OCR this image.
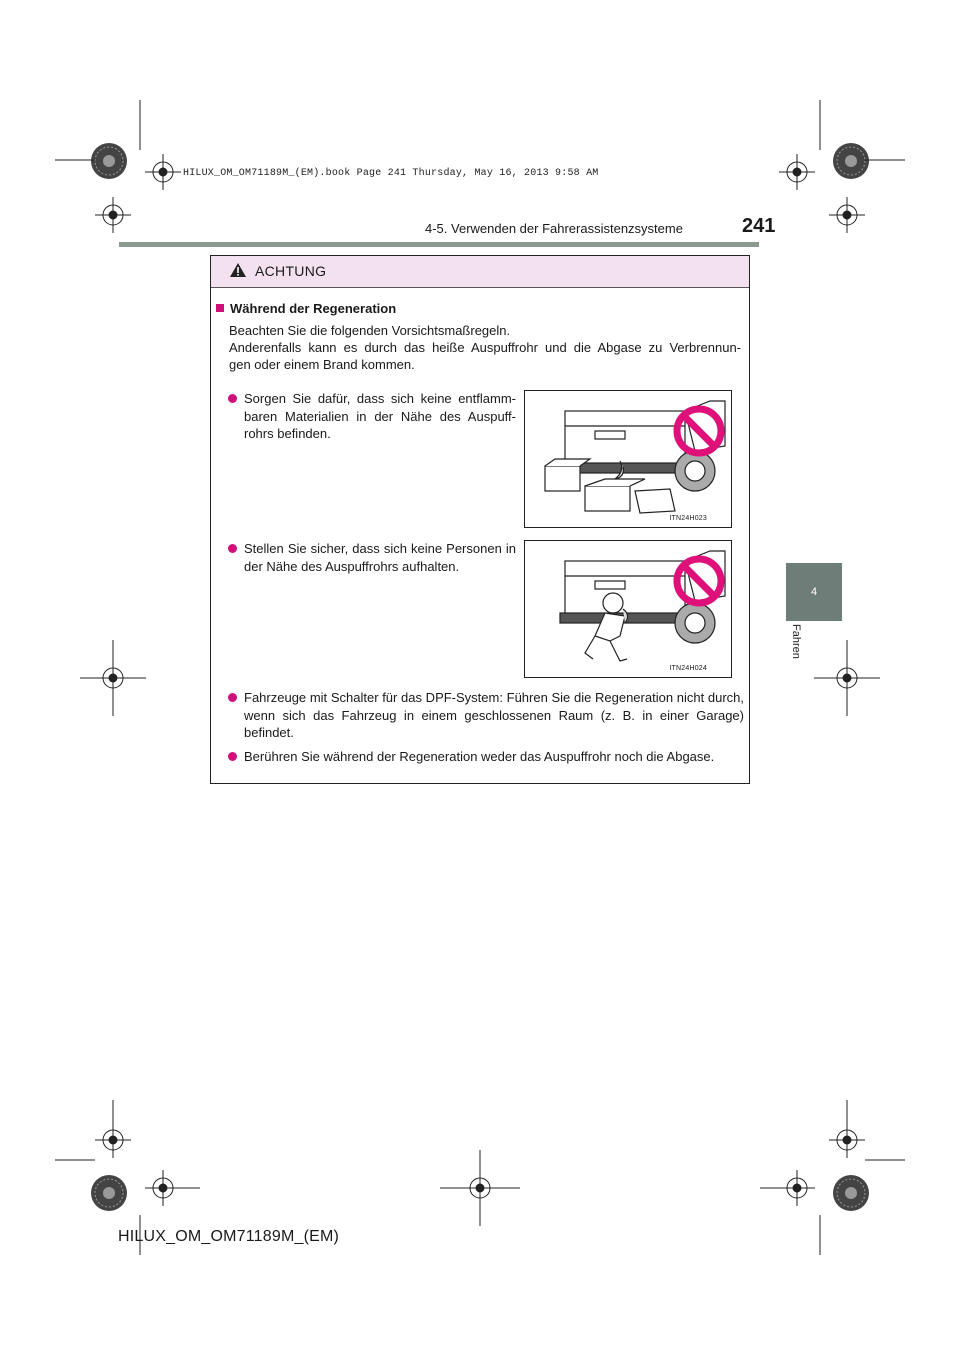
HILUX_OM_OM71189M_(EM).book Page 241 Thursday, May 16, 2013 9:58 AM
4-5. Verwenden der Fahrerassistenzsysteme	241
4
Fahren
ACHTUNG
Während der Regeneration
Beachten Sie die folgenden Vorsichtsmaßregeln.
Anderenfalls kann es durch das heiße Auspuffrohr und die Abgase zu Verbrennun-
gen oder einem Brand kommen.
Sorgen Sie dafür, dass sich keine entflamm-baren Materialien in der Nähe des Auspuff-rohrs befinden.
ITN24H023
Stellen Sie sicher, dass sich keine Personen in der Nähe des Auspuffrohrs aufhalten.
ITN24H024
Fahrzeuge mit Schalter für das DPF-System: Führen Sie die Regeneration nicht durch, wenn sich das Fahrzeug in einem geschlossenen Raum (z. B. in einer Garage) befindet.
Berühren Sie während der Regeneration weder das Auspuffrohr noch die Abgase.
HILUX_OM_OM71189M_(EM)
